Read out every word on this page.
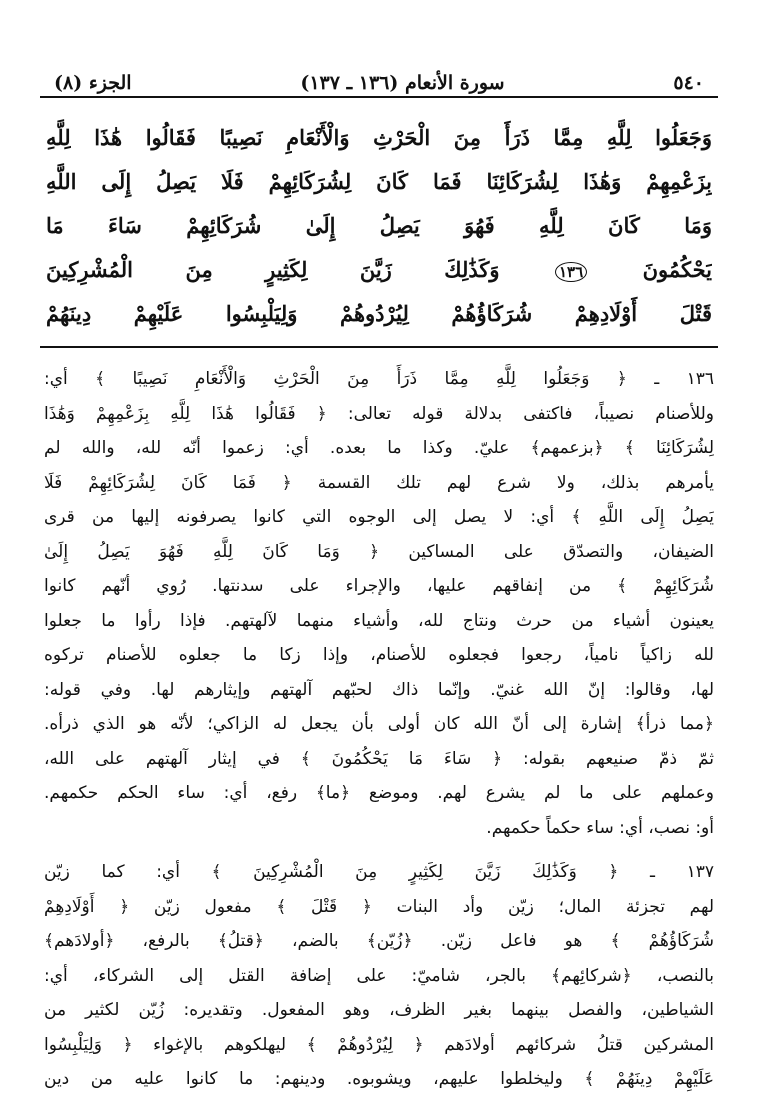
الجزء (٨)	سورة الأنعام (١٣٦ ـ ١٣٧)	٥٤٠
وَجَعَلُوا لِلَّهِ مِمَّا ذَرَأَ مِنَ الْحَرْثِ وَالْأَنْعَامِ نَصِيبًا فَقَالُوا هَٰذَا لِلَّهِ
بِزَعْمِهِمْ وَهَٰذَا لِشُرَكَائِنَا فَمَا كَانَ لِشُرَكَائِهِمْ فَلَا يَصِلُ إِلَى اللَّهِ
وَمَا كَانَ لِلَّهِ فَهُوَ يَصِلُ إِلَىٰ شُرَكَائِهِمْ سَاءَ مَا
يَحْكُمُونَ ١٣٦ وَكَذَٰلِكَ زَيَّنَ لِكَثِيرٍ مِنَ الْمُشْرِكِينَ
قَتْلَ أَوْلَادِهِمْ شُرَكَاؤُهُمْ لِيُرْدُوهُمْ وَلِيَلْبِسُوا عَلَيْهِمْ دِينَهُمْ
١٣٦ ـ ﴿ وَجَعَلُوا لِلَّهِ مِمَّا ذَرَأَ مِنَ الْحَرْثِ وَالْأَنْعَامِ نَصِيبًا ﴾ أي:
وللأصنام نصيباً، فاكتفى بدلالة قوله تعالى: ﴿ فَقَالُوا هَٰذَا لِلَّهِ بِزَعْمِهِمْ وَهَٰذَا
لِشُرَكَائِنَا ﴾ ﴿بزعمهم﴾ عليّ. وكذا ما بعده. أي: زعموا أنّه لله، والله لم
يأمرهم بذلك، ولا شرع لهم تلك القسمة ﴿ فَمَا كَانَ لِشُرَكَائِهِمْ فَلَا
يَصِلُ إِلَى اللَّهِ ﴾ أي: لا يصل إلى الوجوه التي كانوا يصرفونه إليها من قرى
الضيفان، والتصدّق على المساكين ﴿ وَمَا كَانَ لِلَّهِ فَهُوَ يَصِلُ إِلَىٰ
شُرَكَائِهِمْ ﴾ من إنفاقهم عليها، والإجراء على سدنتها. رُوي أنّهم كانوا
يعينون أشياء من حرث ونتاج لله، وأشياء منهما لآلهتهم. فإذا رأوا ما جعلوا
لله زاكياً نامياً، رجعوا فجعلوه للأصنام، وإذا زكا ما جعلوه للأصنام تركوه
لها، وقالوا: إنّ الله غنيّ. وإنّما ذاك لحبّهم آلهتهم وإيثارهم لها. وفي قوله:
﴿مما ذرأ﴾ إشارة إلى أنّ الله كان أولى بأن يجعل له الزاكي؛ لأنّه هو الذي ذرأه.
ثمّ ذمّ صنيعهم بقوله: ﴿ سَاءَ مَا يَحْكُمُونَ ﴾ في إيثار آلهتهم على الله،
وعملهم على ما لم يشرع لهم. وموضع ﴿ما﴾ رفع، أي: ساء الحكم حكمهم.
أو: نصب، أي: ساء حكماً حكمهم.
١٣٧ ـ ﴿ وَكَذَٰلِكَ زَيَّنَ لِكَثِيرٍ مِنَ الْمُشْرِكِينَ ﴾ أي: كما زيّن
لهم تجزئة المال؛ زيّن وأد البنات ﴿ قَتْلَ ﴾ مفعول زيّن ﴿ أَوْلَادِهِمْ
شُرَكَاؤُهُمْ ﴾ هو فاعل زيّن. ﴿زُيّن﴾ بالضم، ﴿قتلُ﴾ بالرفع، ﴿أولادَهم﴾
بالنصب، ﴿شركائِهم﴾ بالجر، شاميّ: على إضافة القتل إلى الشركاء، أي:
الشياطين، والفصل بينهما بغير الظرف، وهو المفعول. وتقديره: زُيّن لكثير من
المشركين قتلُ شركائهم أولادَهم ﴿ لِيُرْدُوهُمْ ﴾ ليهلكوهم بالإغواء ﴿ وَلِيَلْبِسُوا
عَلَيْهِمْ دِينَهُمْ ﴾ وليخلطوا عليهم، ويشوبوه. ودينهم: ما كانوا عليه من دين
